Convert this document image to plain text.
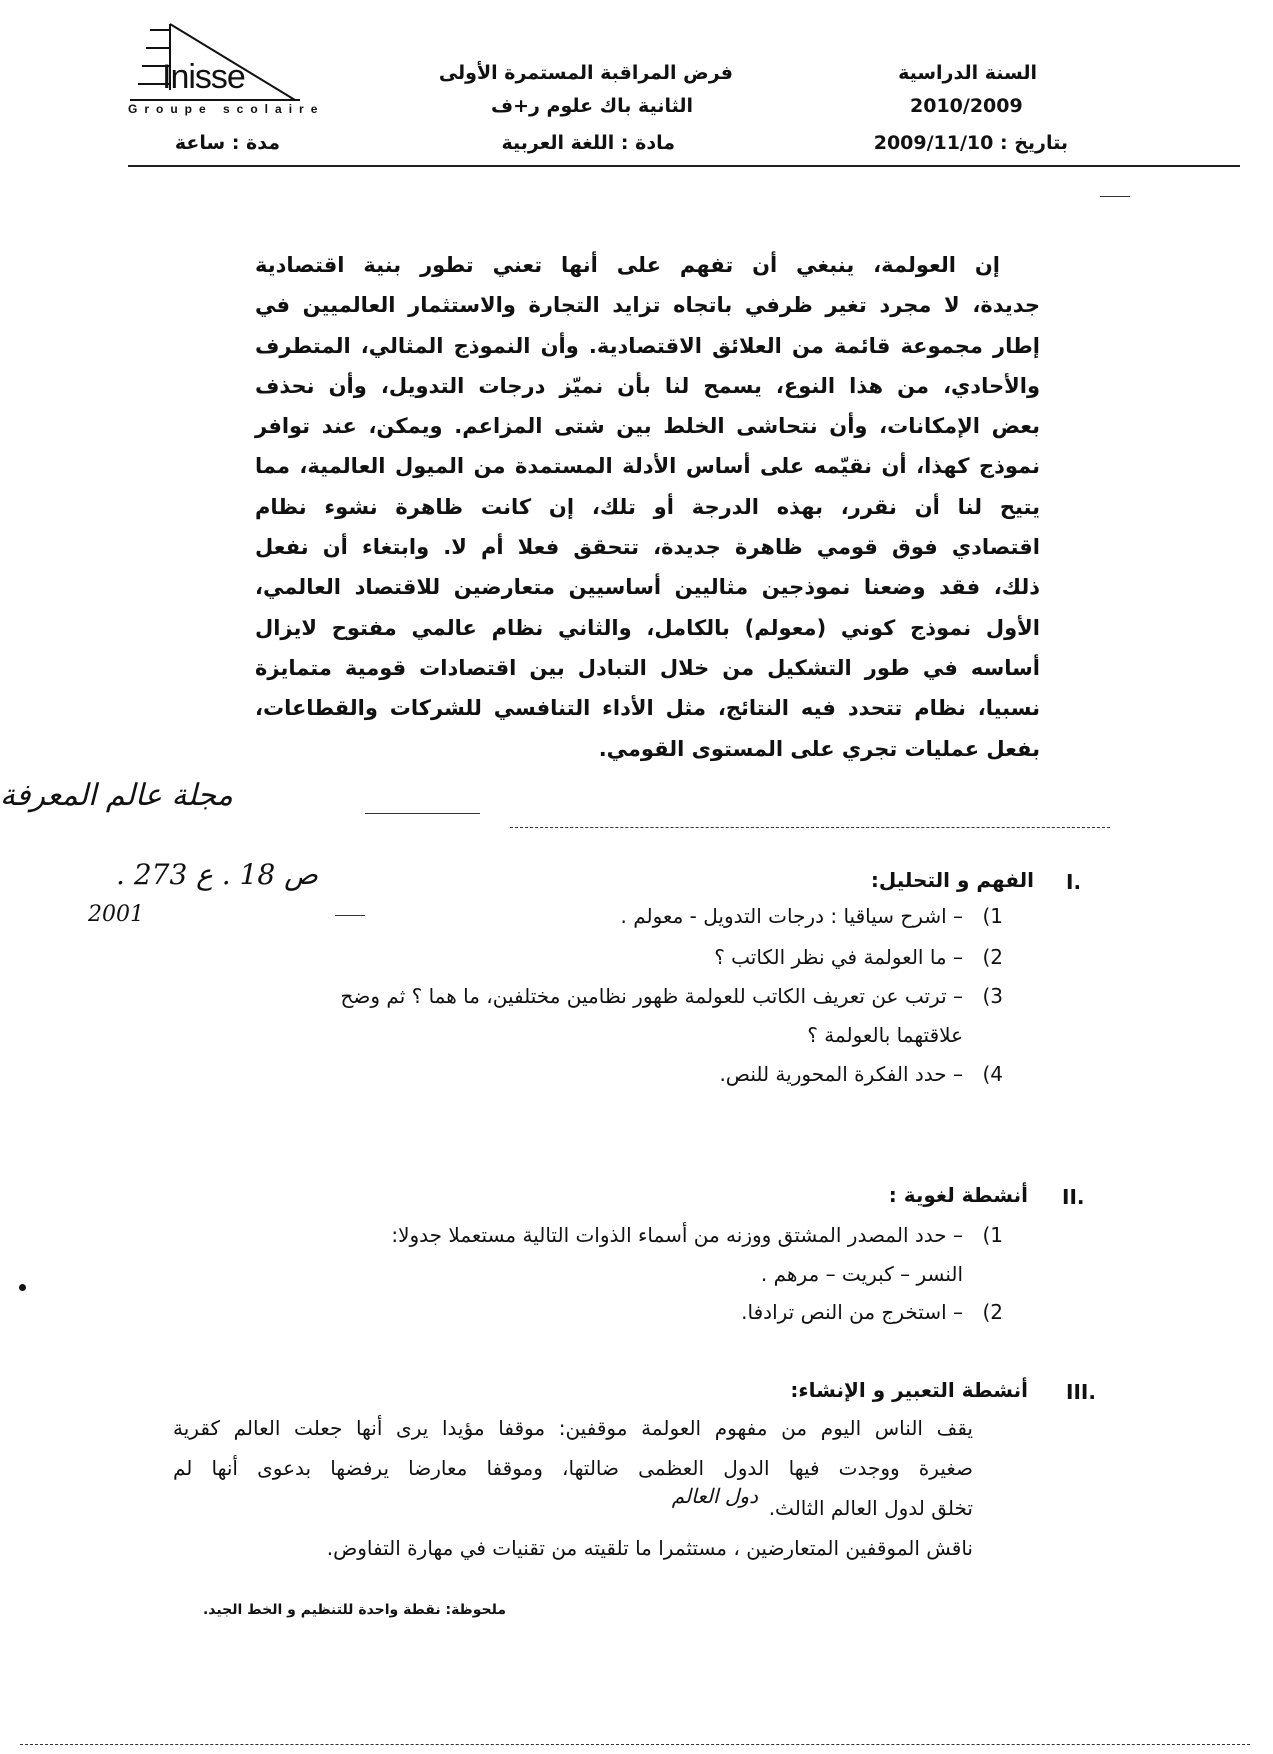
Inisse
Groupe scolaire
السنة الدراسية
2010/2009
بتاريخ : 2009/11/10
فرض المراقبة المستمرة الأولى
الثانية باك علوم ر+ف
مادة : اللغة العربية
مدة : ساعة
إن العولمة، ينبغي أن تفهم على أنها تعني تطور بنية اقتصادية
جديدة، لا مجرد تغير ظرفي باتجاه تزايد التجارة والاستثمار العالميين في
إطار مجموعة قائمة من العلائق الاقتصادية. وأن النموذج المثالي، المتطرف
والأحادي، من هذا النوع، يسمح لنا بأن نميّز درجات التدويل، وأن نحذف
بعض الإمكانات، وأن نتحاشى الخلط بين شتى المزاعم. ويمكن، عند توافر
نموذج كهذا، أن نقيّمه على أساس الأدلة المستمدة من الميول العالمية، مما
يتيح لنا أن نقرر، بهذه الدرجة أو تلك، إن كانت ظاهرة نشوء نظام
اقتصادي فوق قومي ظاهرة جديدة، تتحقق فعلا أم لا. وابتغاء أن نفعل
ذلك، فقد وضعنا نموذجين مثاليين أساسيين متعارضين للاقتصاد العالمي،
الأول نموذج كوني (معولم) بالكامل، والثاني نظام عالمي مفتوح لايزال
أساسه في طور التشكيل من خلال التبادل بين اقتصادات قومية متمايزة
نسبيا، نظام تتحدد فيه النتائج، مثل الأداء التنافسي للشركات والقطاعات،
بفعل عمليات تجري على المستوى القومي.
مجلة عالم المعرفة
ص 18 . ع 273 .
2001
I.
الفهم و التحليل:
1)– اشرح سياقيا : درجات التدويل - معولم .
2)– ما العولمة في نظر الكاتب ؟
3)– ترتب عن تعريف الكاتب للعولمة ظهور نظامين مختلفين، ما هما ؟ ثم وضح
علاقتهما بالعولمة ؟
4)– حدد الفكرة المحورية للنص.
II.
أنشطة لغوية :
1)– حدد المصدر المشتق ووزنه من أسماء الذوات التالية مستعملا جدولا:
النسر – كبريت – مرهم .
2)– استخرج من النص ترادفا.
III.
أنشطة التعبير و الإنشاء:
يقف الناس اليوم من مفهوم العولمة موقفين: موقفا مؤيدا يرى أنها جعلت العالم كقرية
صغيرة ووجدت فيها الدول العظمى ضالتها، وموقفا معارضا يرفضها بدعوى أنها لم
تخلق لدول العالم الثالث.
ناقش الموقفين المتعارضين ، مستثمرا ما تلقيته من تقنيات في مهارة التفاوض.
دول العالم
ملحوظة: نقطة واحدة للتنظيم و الخط الجيد.
